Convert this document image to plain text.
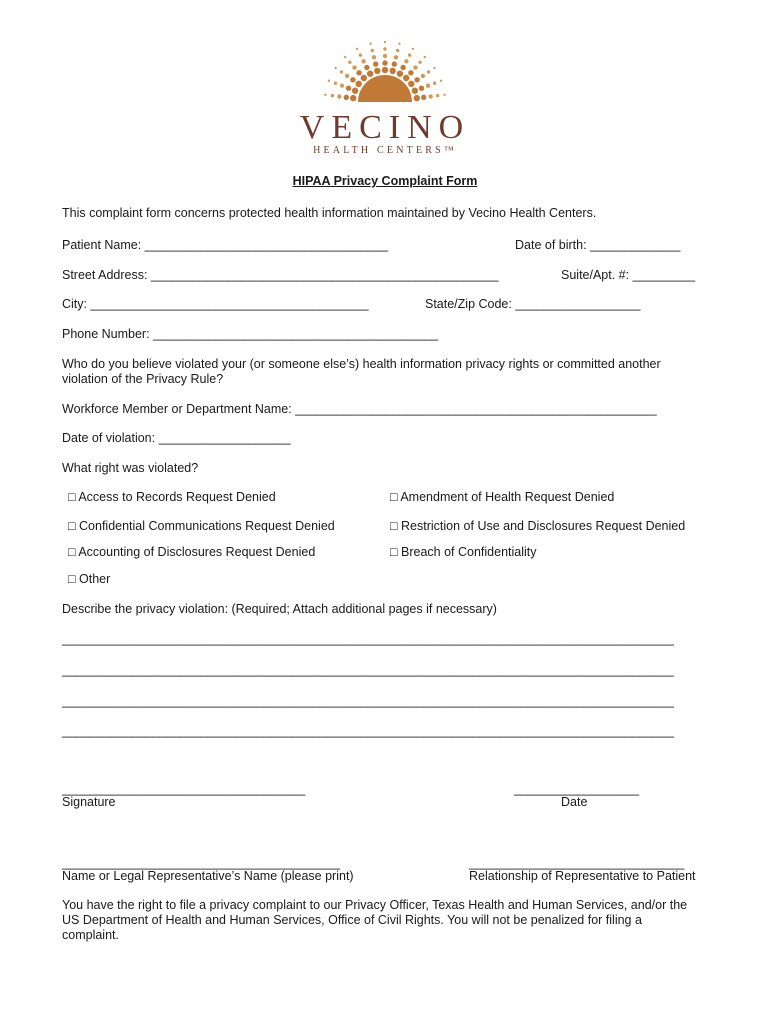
VECINO
HEALTH CENTERS™
HIPAA Privacy Complaint Form
This complaint form concerns protected health information maintained by Vecino Health Centers.
Patient Name: ___________________________________	Date of birth: _____________
Street Address: __________________________________________________	Suite/Apt. #: _________
City: ________________________________________	State/Zip Code: __________________
Phone Number: _________________________________________
Who do you believe violated your (or someone else’s) health information privacy rights or committed another
violation of the Privacy Rule?
Workforce Member or Department Name: ____________________________________________________
Date of violation: ___________________
What right was violated?
□ Access to Records Request Denied	□ Amendment of Health Request Denied
□ Confidential Communications Request Denied	□ Restriction of Use and Disclosures Request Denied
□ Accounting of Disclosures Request Denied	□ Breach of Confidentiality
□ Other
Describe the privacy violation: (Required; Attach additional pages if necessary)
________________________________________________________________________________________
________________________________________________________________________________________
________________________________________________________________________________________
________________________________________________________________________________________
___________________________________
Signature
__________________
Date
________________________________________
Name or Legal Representative’s Name (please print)
_______________________________
Relationship of Representative to Patient
You have the right to file a privacy complaint to our Privacy Officer, Texas Health and Human Services, and/or the
US Department of Health and Human Services, Office of Civil Rights. You will not be penalized for filing a
complaint.
